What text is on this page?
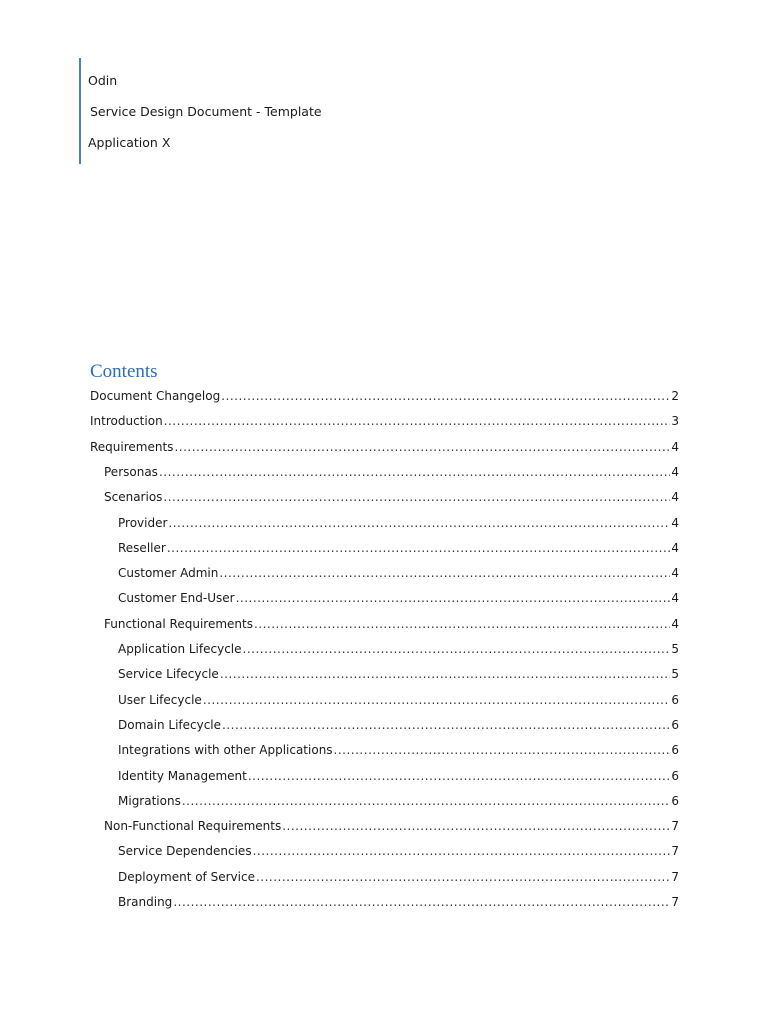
Odin
Service Design Document - Template
Application X
Contents
Document Changelog .....	2
Introduction .....	3
Requirements .....	4
Personas .....	4
Scenarios .....	4
Provider .....	4
Reseller .....	4
Customer Admin .....	4
Customer End-User .....	4
Functional Requirements .....	4
Application Lifecycle .....	5
Service Lifecycle .....	5
User Lifecycle .....	6
Domain Lifecycle .....	6
Integrations with other Applications .....	6
Identity Management .....	6
Migrations .....	6
Non-Functional Requirements .....	7
Service Dependencies .....	7
Deployment of Service .....	7
Branding .....	7
